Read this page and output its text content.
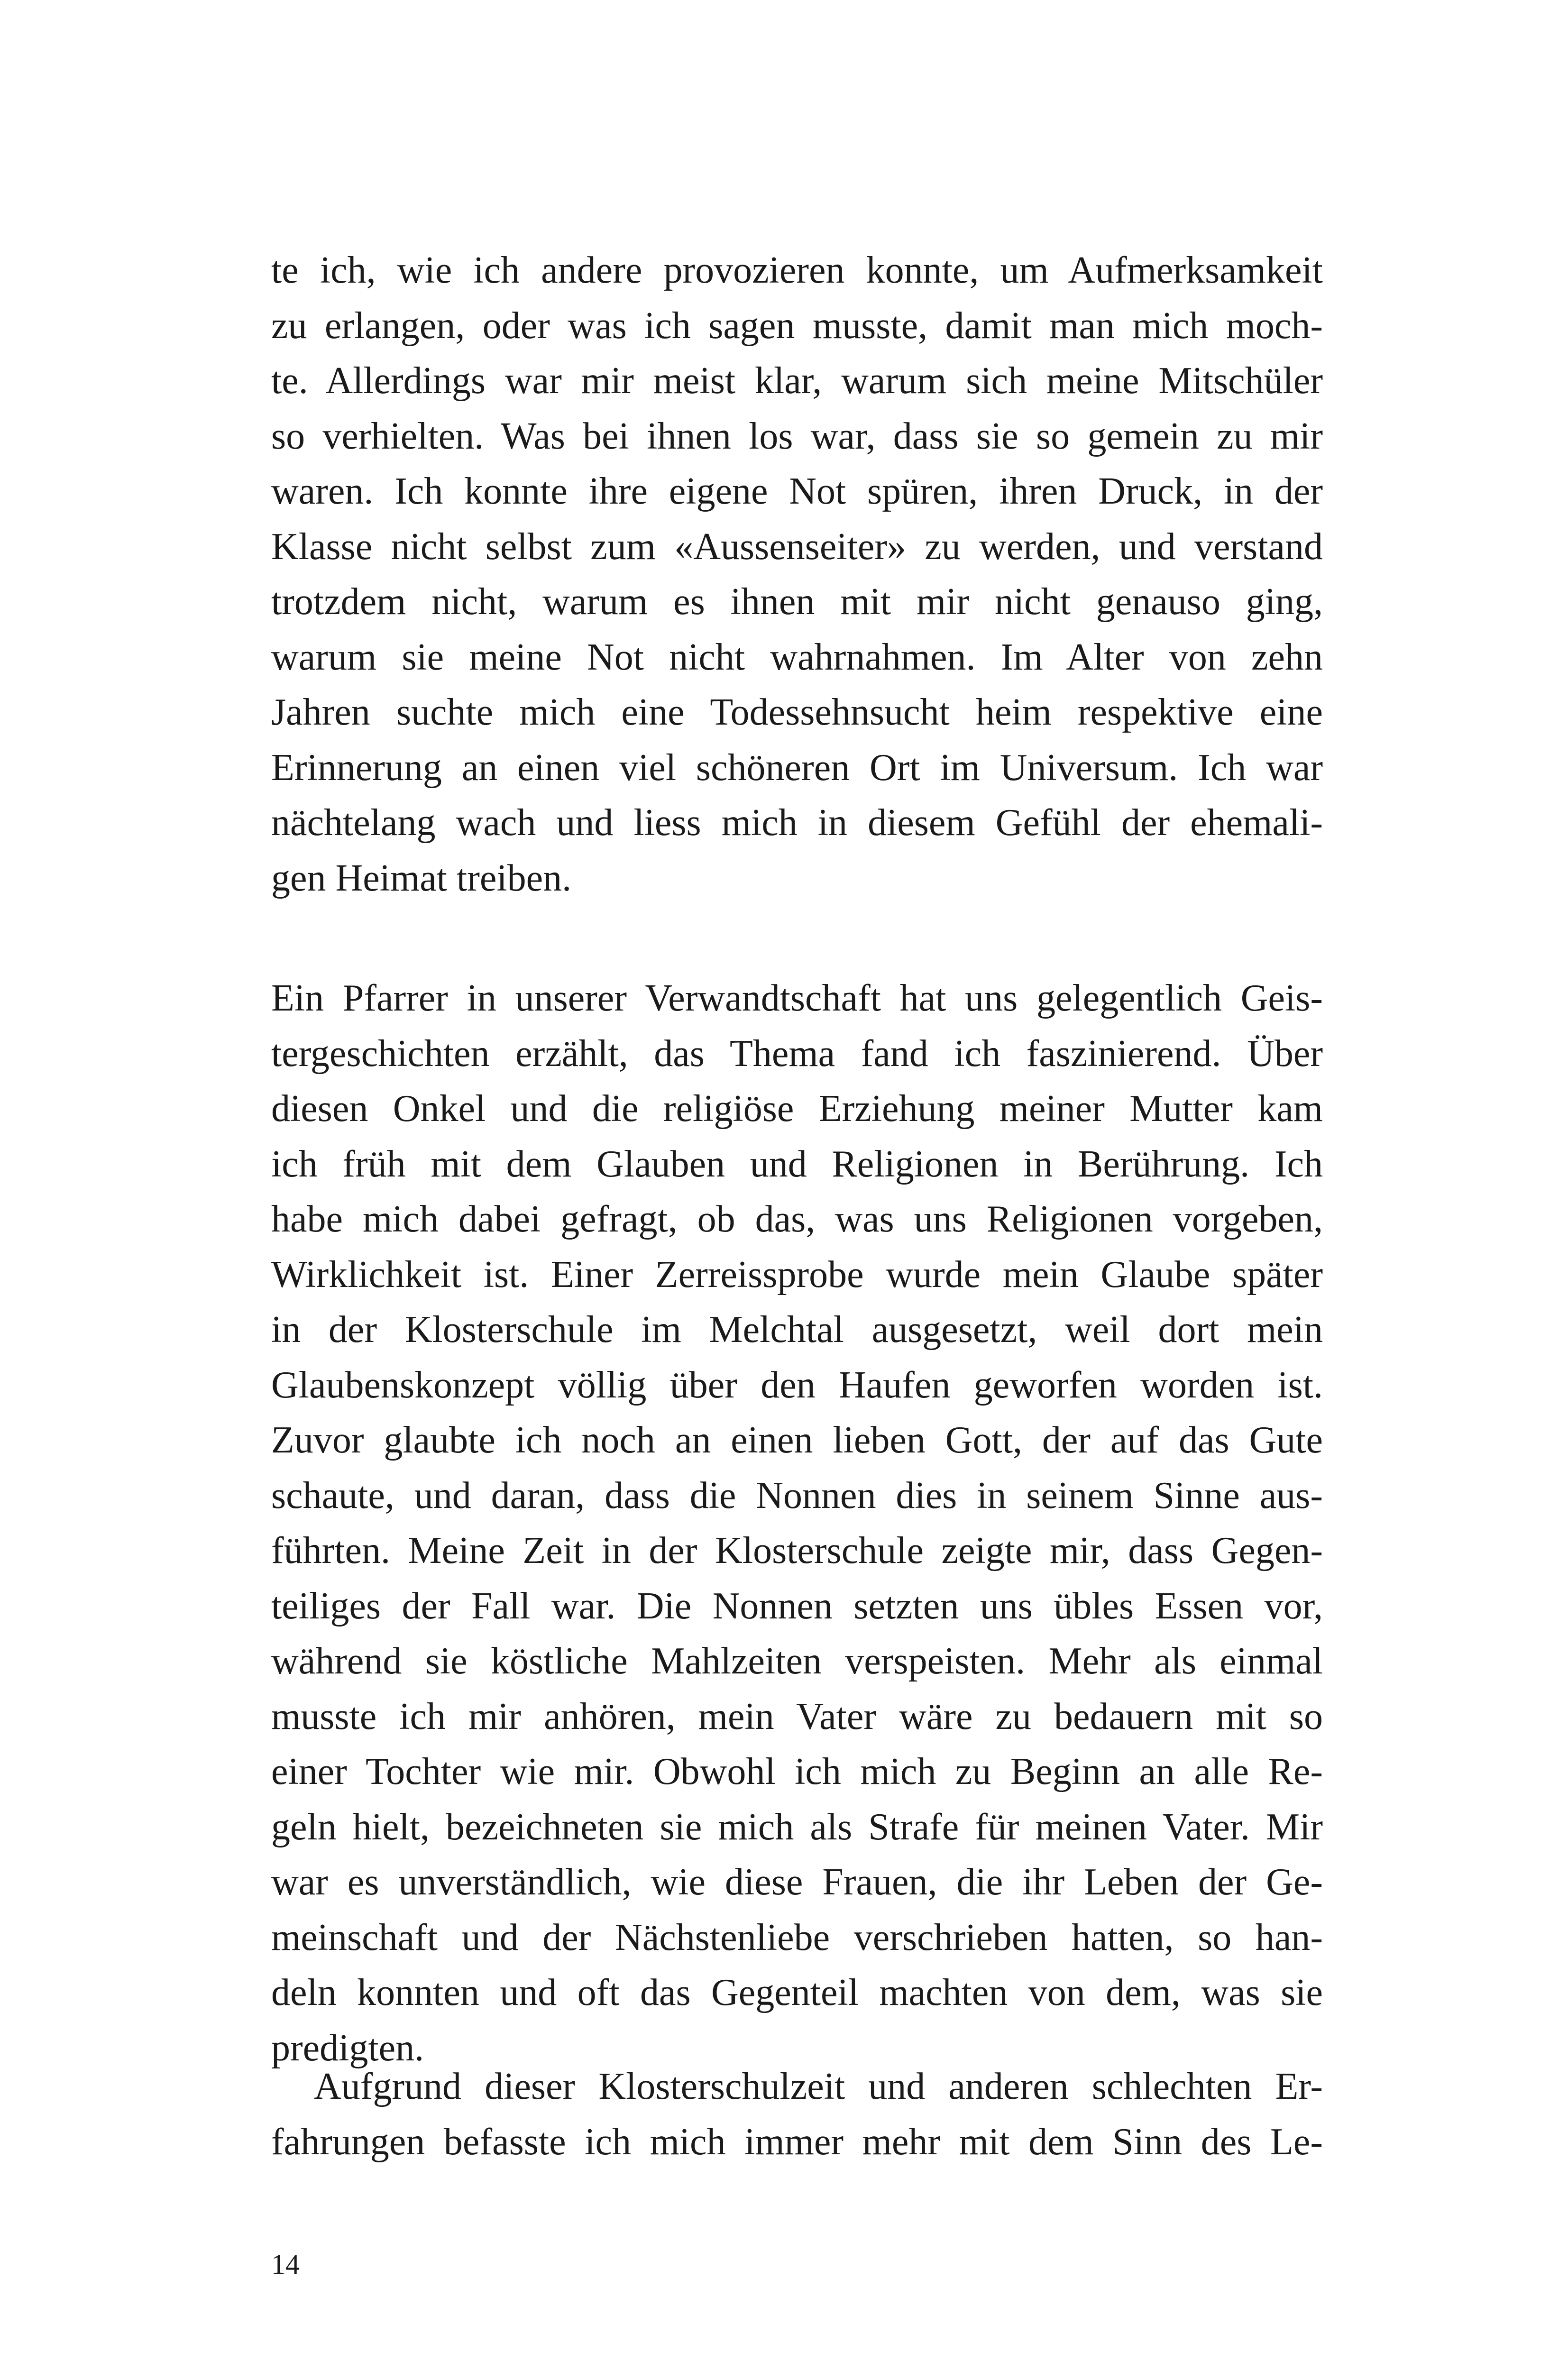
te ich, wie ich andere provozieren konnte, um Aufmerksamkeit
zu erlangen, oder was ich sagen musste, damit man mich moch-
te. Allerdings war mir meist klar, warum sich meine Mitschüler
so verhielten. Was bei ihnen los war, dass sie so gemein zu mir
waren. Ich konnte ihre eigene Not spüren, ihren Druck, in der
Klasse nicht selbst zum «Aussenseiter» zu werden, und verstand
trotzdem nicht, warum es ihnen mit mir nicht genauso ging,
warum sie meine Not nicht wahrnahmen. Im Alter von zehn
Jahren suchte mich eine Todessehnsucht heim respektive eine
Erinnerung an einen viel schöneren Ort im Universum. Ich war
nächtelang wach und liess mich in diesem Gefühl der ehemali-
gen Heimat treiben.
Ein Pfarrer in unserer Verwandtschaft hat uns gelegentlich Geis-
tergeschichten erzählt, das Thema fand ich faszinierend. Über
diesen Onkel und die religiöse Erziehung meiner Mutter kam
ich früh mit dem Glauben und Religionen in Berührung. Ich
habe mich dabei gefragt, ob das, was uns Religionen vorgeben,
Wirklichkeit ist. Einer Zerreissprobe wurde mein Glaube später
in der Klosterschule im Melchtal ausgesetzt, weil dort mein
Glaubenskonzept völlig über den Haufen geworfen worden ist.
Zuvor glaubte ich noch an einen lieben Gott, der auf das Gute
schaute, und daran, dass die Nonnen dies in seinem Sinne aus-
führten. Meine Zeit in der Klosterschule zeigte mir, dass Gegen-
teiliges der Fall war. Die Nonnen setzten uns übles Essen vor,
während sie köstliche Mahlzeiten verspeisten. Mehr als einmal
musste ich mir anhören, mein Vater wäre zu bedauern mit so
einer Tochter wie mir. Obwohl ich mich zu Beginn an alle Re-
geln hielt, bezeichneten sie mich als Strafe für meinen Vater. Mir
war es unverständlich, wie diese Frauen, die ihr Leben der Ge-
meinschaft und der Nächstenliebe verschrieben hatten, so han-
deln konnten und oft das Gegenteil machten von dem, was sie
predigten.
Aufgrund dieser Klosterschulzeit und anderen schlechten Er-
fahrungen befasste ich mich immer mehr mit dem Sinn des Le-
14
